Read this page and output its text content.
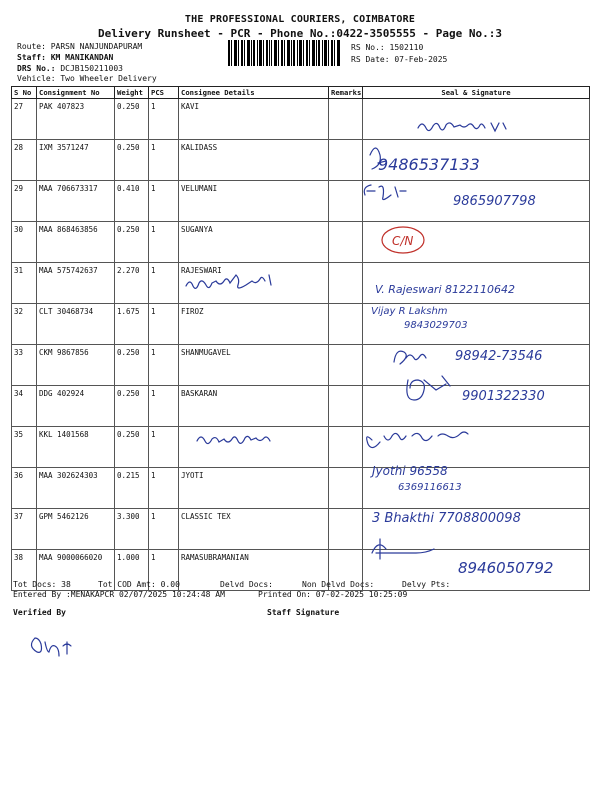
THE PROFESSIONAL COURIERS, COIMBATORE
Delivery Runsheet - PCR - Phone No.:0422-3505555 - Page No.:3
Route: PARSN NANJUNDAPURAM
Staff: KM MANIKANDAN
DRS No.: DCJB150211003
Vehicle: Two Wheeler Delivery
RS No.: 1502110
RS Date: 07-Feb-2025
S No	Consignment No	Weight	PCS	Consignee Details	Remarks	Seal & Signature
27	PAK 407823	0.250	1	KAVI		
28	IXM 3571247	0.250	1	KALIDASS		
29	MAA 706673317	0.410	1	VELUMANI		
30	MAA 868463856	0.250	1	SUGANYA		
31	MAA 575742637	2.270	1	RAJESWARI		
32	CLT 30468734	1.675	1	FIROZ		
33	CKM 9867856	0.250	1	SHANMUGAVEL		
34	DDG 402924	0.250	1	BASKARAN		
35	KKL 1401568	0.250	1			
36	MAA 302624303	0.215	1	JYOTI		
37	GPM 5462126	3.300	1	CLASSIC TEX		
38	MAA 9000066020	1.000	1	RAMASUBRAMANIAN		
Tot Docs: 38	Tot COD Amt: 0.00	Delvd Docs:	Non Delvd Docs:	Delvy Pts:
Entered By :MENAKAPCR 02/07/2025 10:24:48 AM	Printed On: 07-02-2025 10:25:09
Verified By	Staff Signature
9486537133
9865907798
C/N
V. Rajeswari 8122110642
Vijay R Lakshm
9843029703
98942-73546
9901322330
Jyothi 96558
6369116613
3 Bhakthi 7708800098
8946050792
